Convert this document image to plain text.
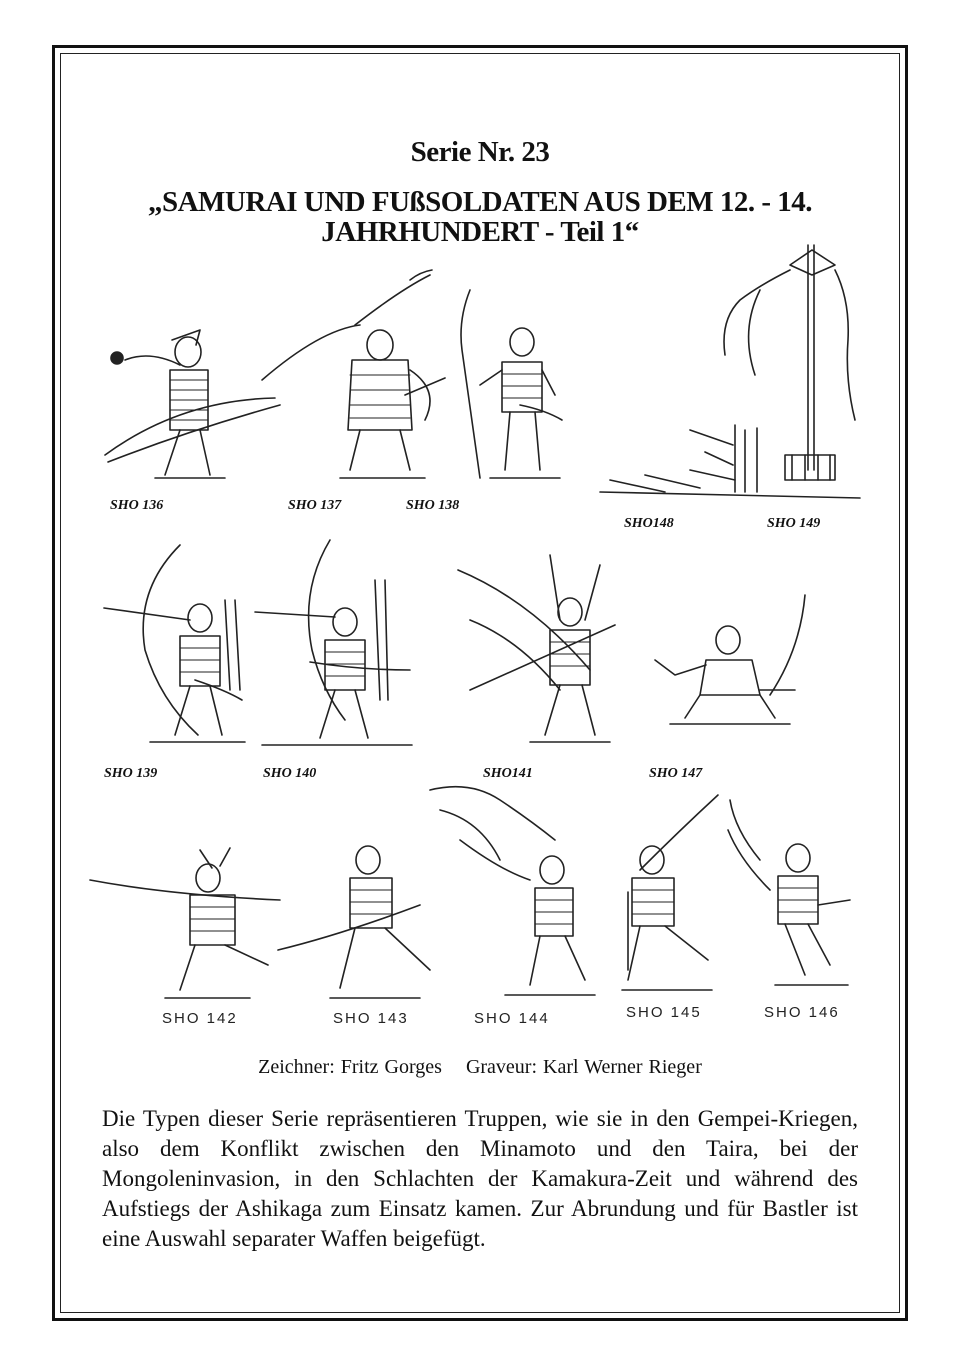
Serie Nr. 23
„SAMURAI UND FUßSOLDATEN AUS DEM 12. - 14.
JAHRHUNDERT - Teil 1“
SHO 136	SHO 137	SHO 138
SHO148	SHO 149
SHO 139	SHO 140	SHO141	SHO 147
SHO 142	SHO 143	SHO 144	SHO 145	SHO 146
Zeichner: Fritz Gorges Graveur: Karl Werner Rieger

Die Typen dieser Serie repräsentieren Truppen, wie sie in den Gempei-Kriegen, also dem Konflikt zwischen den Minamoto und den Taira, bei der Mongoleninvasion, in den Schlachten der Kamakura-Zeit und während des Aufstiegs der Ashikaga zum Einsatz kamen. Zur Abrundung und für Bastler ist eine Auswahl separater Waffen beigefügt.
